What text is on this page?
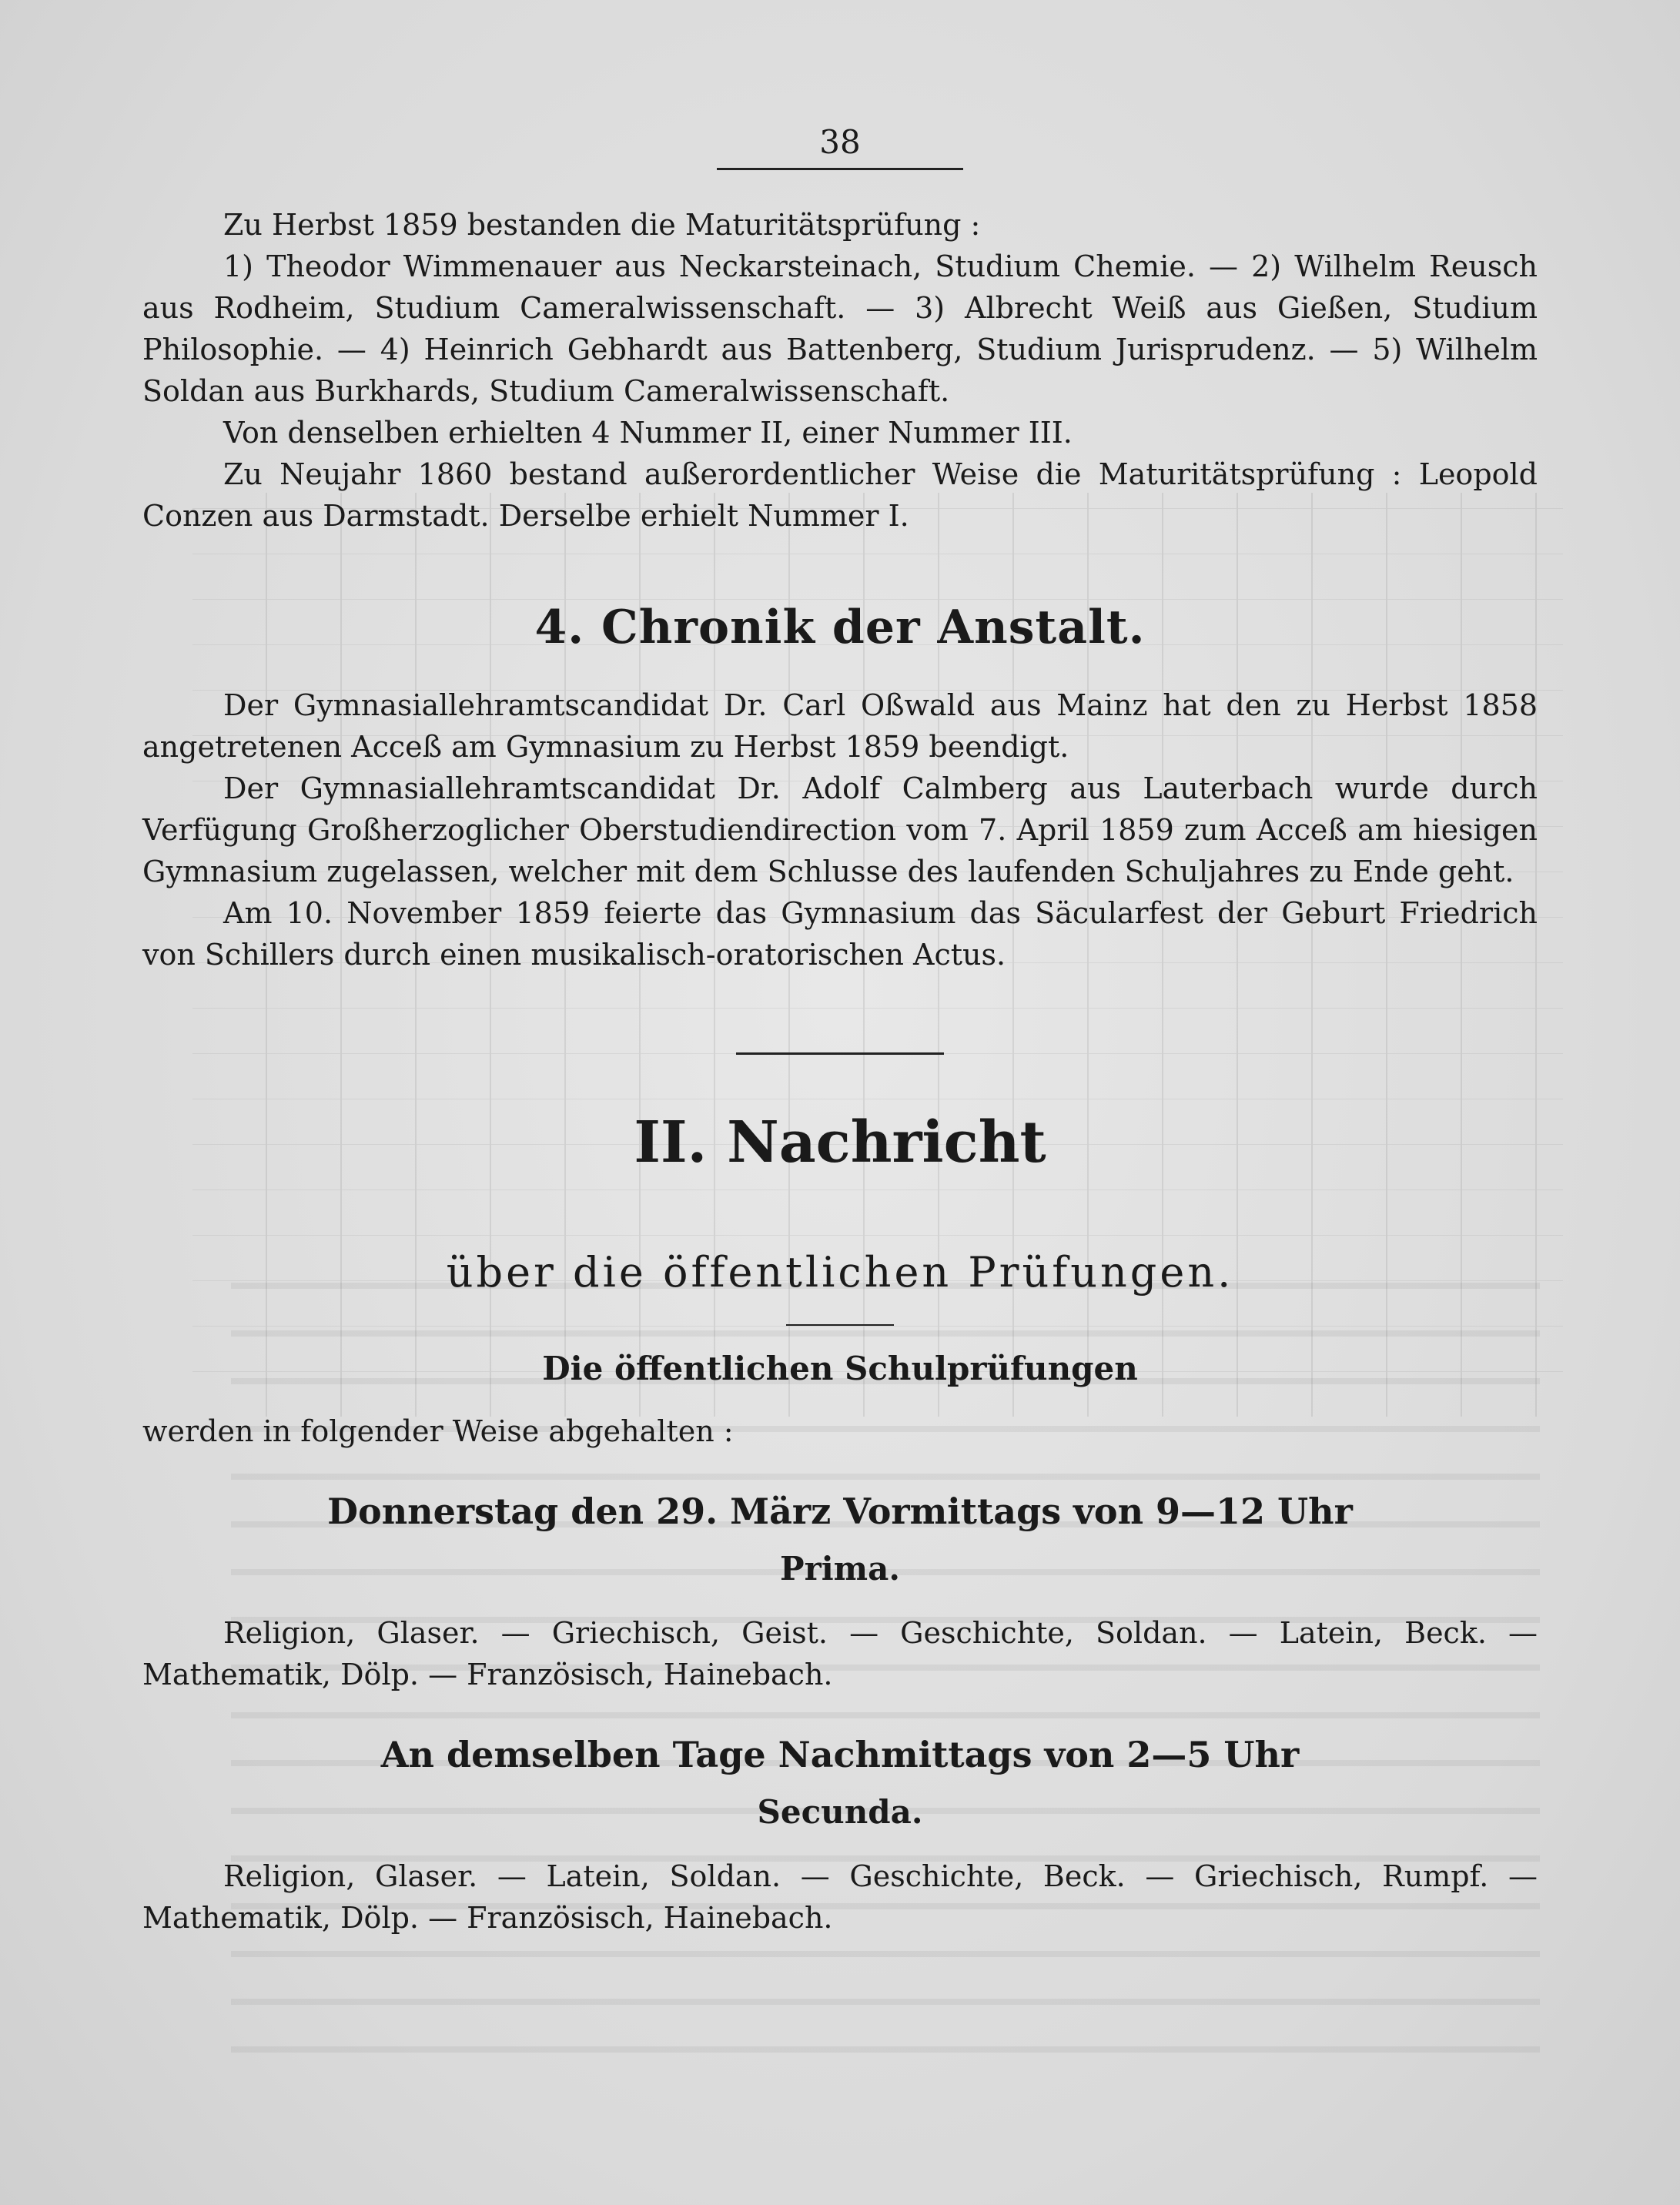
38

Zu Herbst 1859 bestanden die Maturitätsprüfung :

1) Theodor Wimmenauer aus Neckarsteinach, Studium Chemie. — 2) Wilhelm Reusch aus Rodheim, Studium Cameralwissenschaft. — 3) Albrecht Weiß aus Gießen, Studium Philosophie. — 4) Heinrich Gebhardt aus Battenberg, Studium Jurisprudenz. — 5) Wilhelm Soldan aus Burkhards, Studium Cameralwissenschaft.

Von denselben erhielten 4 Nummer II, einer Nummer III.

Zu Neujahr 1860 bestand außerordentlicher Weise die Maturitätsprüfung : Leopold Conzen aus Darmstadt. Derselbe erhielt Nummer I.

4. Chronik der Anstalt.

Der Gymnasiallehramtscandidat Dr. Carl Oßwald aus Mainz hat den zu Herbst 1858 angetretenen Acceß am Gymnasium zu Herbst 1859 beendigt.

Der Gymnasiallehramtscandidat Dr. Adolf Calmberg aus Lauterbach wurde durch Verfügung Großherzoglicher Oberstudiendirection vom 7. April 1859 zum Acceß am hiesigen Gymnasium zugelassen, welcher mit dem Schlusse des laufenden Schuljahres zu Ende geht.

Am 10. November 1859 feierte das Gymnasium das Säcularfest der Geburt Friedrich von Schillers durch einen musikalisch-oratorischen Actus.

II. Nachricht
über die öffentlichen Prüfungen.
Die öffentlichen Schulprüfungen

werden in folgender Weise abgehalten :

Donnerstag den 29. März Vormittags von 9—12 Uhr
Prima.

Religion, Glaser. — Griechisch, Geist. — Geschichte, Soldan. — Latein, Beck. — Mathematik, Dölp. — Französisch, Hainebach.

An demselben Tage Nachmittags von 2—5 Uhr
Secunda.

Religion, Glaser. — Latein, Soldan. — Geschichte, Beck. — Griechisch, Rumpf. — Mathematik, Dölp. — Französisch, Hainebach.
